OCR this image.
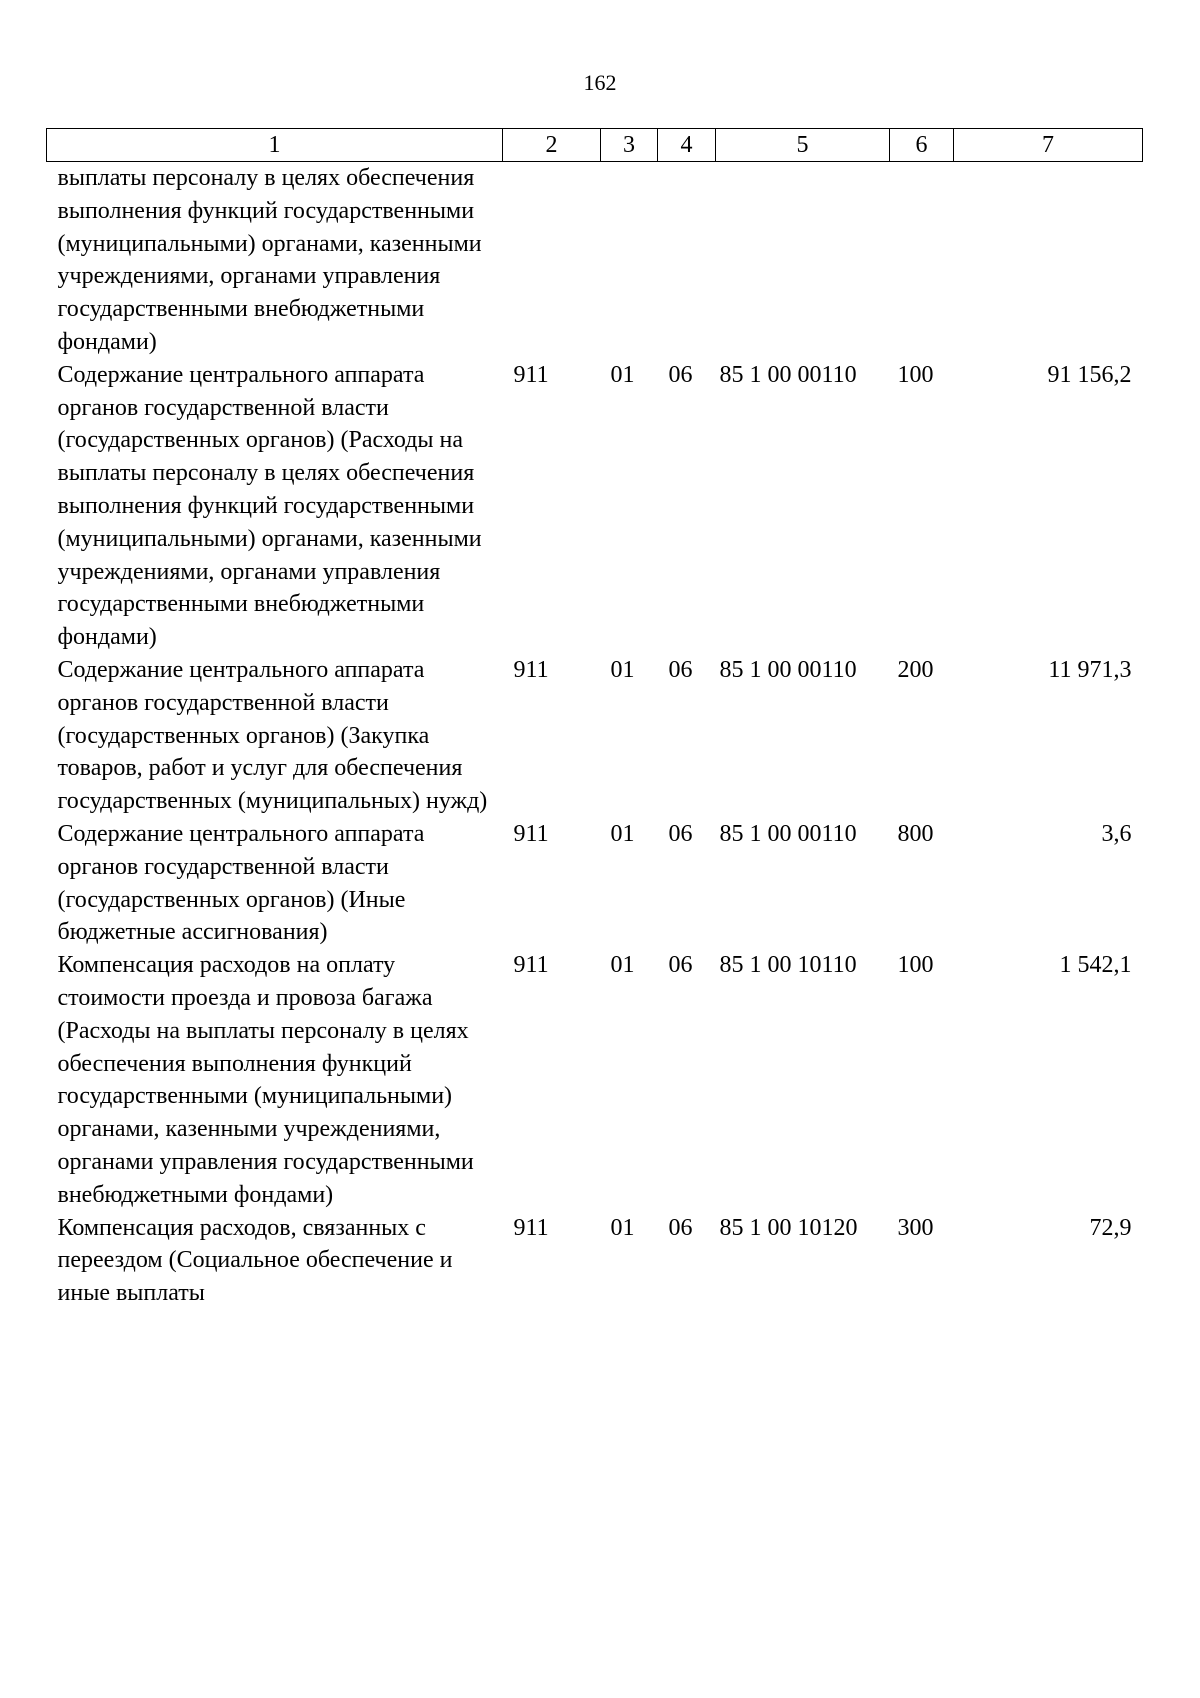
162
1	2	3	4	5	6	7
выплаты персоналу в целях обеспечения выполнения функций государственными (муниципальными) органами, казенными учреждениями, органами управления государственными внебюджетными фондами)						
Содержание центрального аппарата органов государственной власти (государственных органов) (Расходы на выплаты персоналу в целях обеспечения выполнения функций государственными (муниципальными) органами, казенными учреждениями, органами управления государственными внебюджетными фондами)	911	01	06	85 1 00 00110	100	91 156,2
Содержание центрального аппарата органов государственной власти (государственных органов) (Закупка товаров, работ и услуг для обеспечения государственных (муниципальных) нужд)	911	01	06	85 1 00 00110	200	11 971,3
Содержание центрального аппарата органов государственной власти (государственных органов) (Иные бюджетные ассигнования)	911	01	06	85 1 00 00110	800	3,6
Компенсация расходов на оплату стоимости проезда и провоза багажа (Расходы на выплаты персоналу в целях обеспечения выполнения функций государственными (муниципальными) органами, казенными учреждениями, органами управления государственными внебюджетными фондами)	911	01	06	85 1 00 10110	100	1 542,1
Компенсация расходов, связанных с переездом (Социальное обеспечение и иные выплаты	911	01	06	85 1 00 10120	300	72,9
